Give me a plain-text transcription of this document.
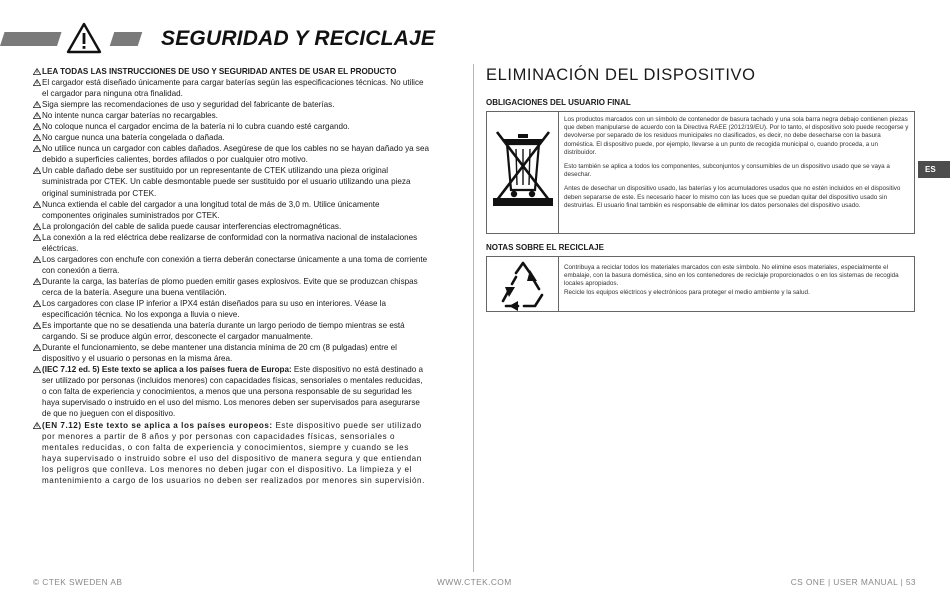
SEGURIDAD Y RECICLAJE
LEA TODAS LAS INSTRUCCIONES DE USO Y SEGURIDAD ANTES DE USAR EL PRODUCTO
El cargador está diseñado únicamente para cargar baterías según las especificaciones técnicas. No utilice el cargador para ninguna otra finalidad.
Siga siempre las recomendaciones de uso y seguridad del fabricante de baterías.
No intente nunca cargar baterías no recargables.
No coloque nunca el cargador encima de la batería ni lo cubra cuando esté cargando.
No cargue nunca una batería congelada o dañada.
No utilice nunca un cargador con cables dañados. Asegúrese de que los cables no se hayan dañado ya sea debido a superficies calientes, bordes afilados o por cualquier otro motivo.
Un cable dañado debe ser sustituido por un representante de CTEK utilizando una pieza original suministrada por CTEK. Un cable desmontable puede ser sustituido por el usuario utilizando una pieza original suministrada por CTEK.
Nunca extienda el cable del cargador a una longitud total de más de 3,0 m. Utilice únicamente componentes originales suministrados por CTEK.
La prolongación del cable de salida puede causar interferencias electromagnéticas.
La conexión a la red eléctrica debe realizarse de conformidad con la normativa nacional de instalaciones eléctricas.
Los cargadores con enchufe con conexión a tierra deberán conectarse únicamente a una toma de corriente con conexión a tierra.
Durante la carga, las baterías de plomo pueden emitir gases explosivos. Evite que se produzcan chispas cerca de la batería. Asegure una buena ventilación.
Los cargadores con clase IP inferior a IPX4 están diseñados para su uso en interiores. Véase la especificación técnica. No los exponga a lluvia o nieve.
Es importante que no se desatienda una batería durante un largo periodo de tiempo mientras se está cargando. Si se produce algún error, desconecte el cargador manualmente.
Durante el funcionamiento, se debe mantener una distancia mínima de 20 cm (8 pulgadas) entre el dispositivo y el usuario o personas en la misma área.
(IEC 7.12 ed. 5) Este texto se aplica a los países fuera de Europa: Este dispositivo no está destinado a ser utilizado por personas (incluidos menores) con capacidades físicas, sensoriales o mentales reducidas, o con falta de experiencia y conocimientos, a menos que una persona responsable de su seguridad les haya supervisado o instruido en el uso del mismo. Los menores deben ser supervisados para asegurarse de que no jueguen con el dispositivo.
(EN 7.12) Este texto se aplica a los países europeos: Este dispositivo puede ser utilizado por menores a partir de 8 años y por personas con capacidades físicas, sensoriales o mentales reducidas, o con falta de experiencia y conocimientos, siempre y cuando se les haya supervisado o instruido sobre el uso del dispositivo de manera segura y que entiendan los peligros que conlleva. Los menores no deben jugar con el dispositivo. La limpieza y el mantenimiento a cargo de los usuarios no deben ser realizados por menores sin supervisión.
ELIMINACIÓN DEL DISPOSITIVO
OBLIGACIONES DEL USUARIO FINAL

Los productos marcados con un símbolo de contenedor de basura tachado y una sola barra negra debajo contienen piezas que deben manipularse de acuerdo con la Directiva RAEE (2012/19/EU). Por lo tanto, el dispositivo solo puede recogerse y devolverse por separado de los residuos municipales no clasificados, es decir, no debe desecharse con la basura doméstica. El dispositivo puede, por ejemplo, llevarse a un punto de recogida municipal o, cuando proceda, a un distribuidor.

Esto también se aplica a todos los componentes, subconjuntos y consumibles de un dispositivo usado que se vaya a desechar.

Antes de desechar un dispositivo usado, las baterías y los acumuladores usados que no estén incluidos en el dispositivo deben separarse de este. Es necesario hacer lo mismo con las luces que se puedan quitar del dispositivo usado sin destruirlas. El usuario final también es responsable de eliminar los datos personales del dispositivo usado.

NOTAS SOBRE EL RECICLAJE

Contribuya a reciclar todos los materiales marcados con este símbolo. No elimine esos materiales, especialmente el embalaje, con la basura doméstica, sino en los contenedores de reciclaje proporcionados o en los sistemas de recogida locales apropiados.

Recicle los equipos eléctricos y electrónicos para proteger el medio ambiente y la salud.

ES
© CTEK SWEDEN AB	WWW.CTEK.COM	CS ONE | USER MANUAL | 53
